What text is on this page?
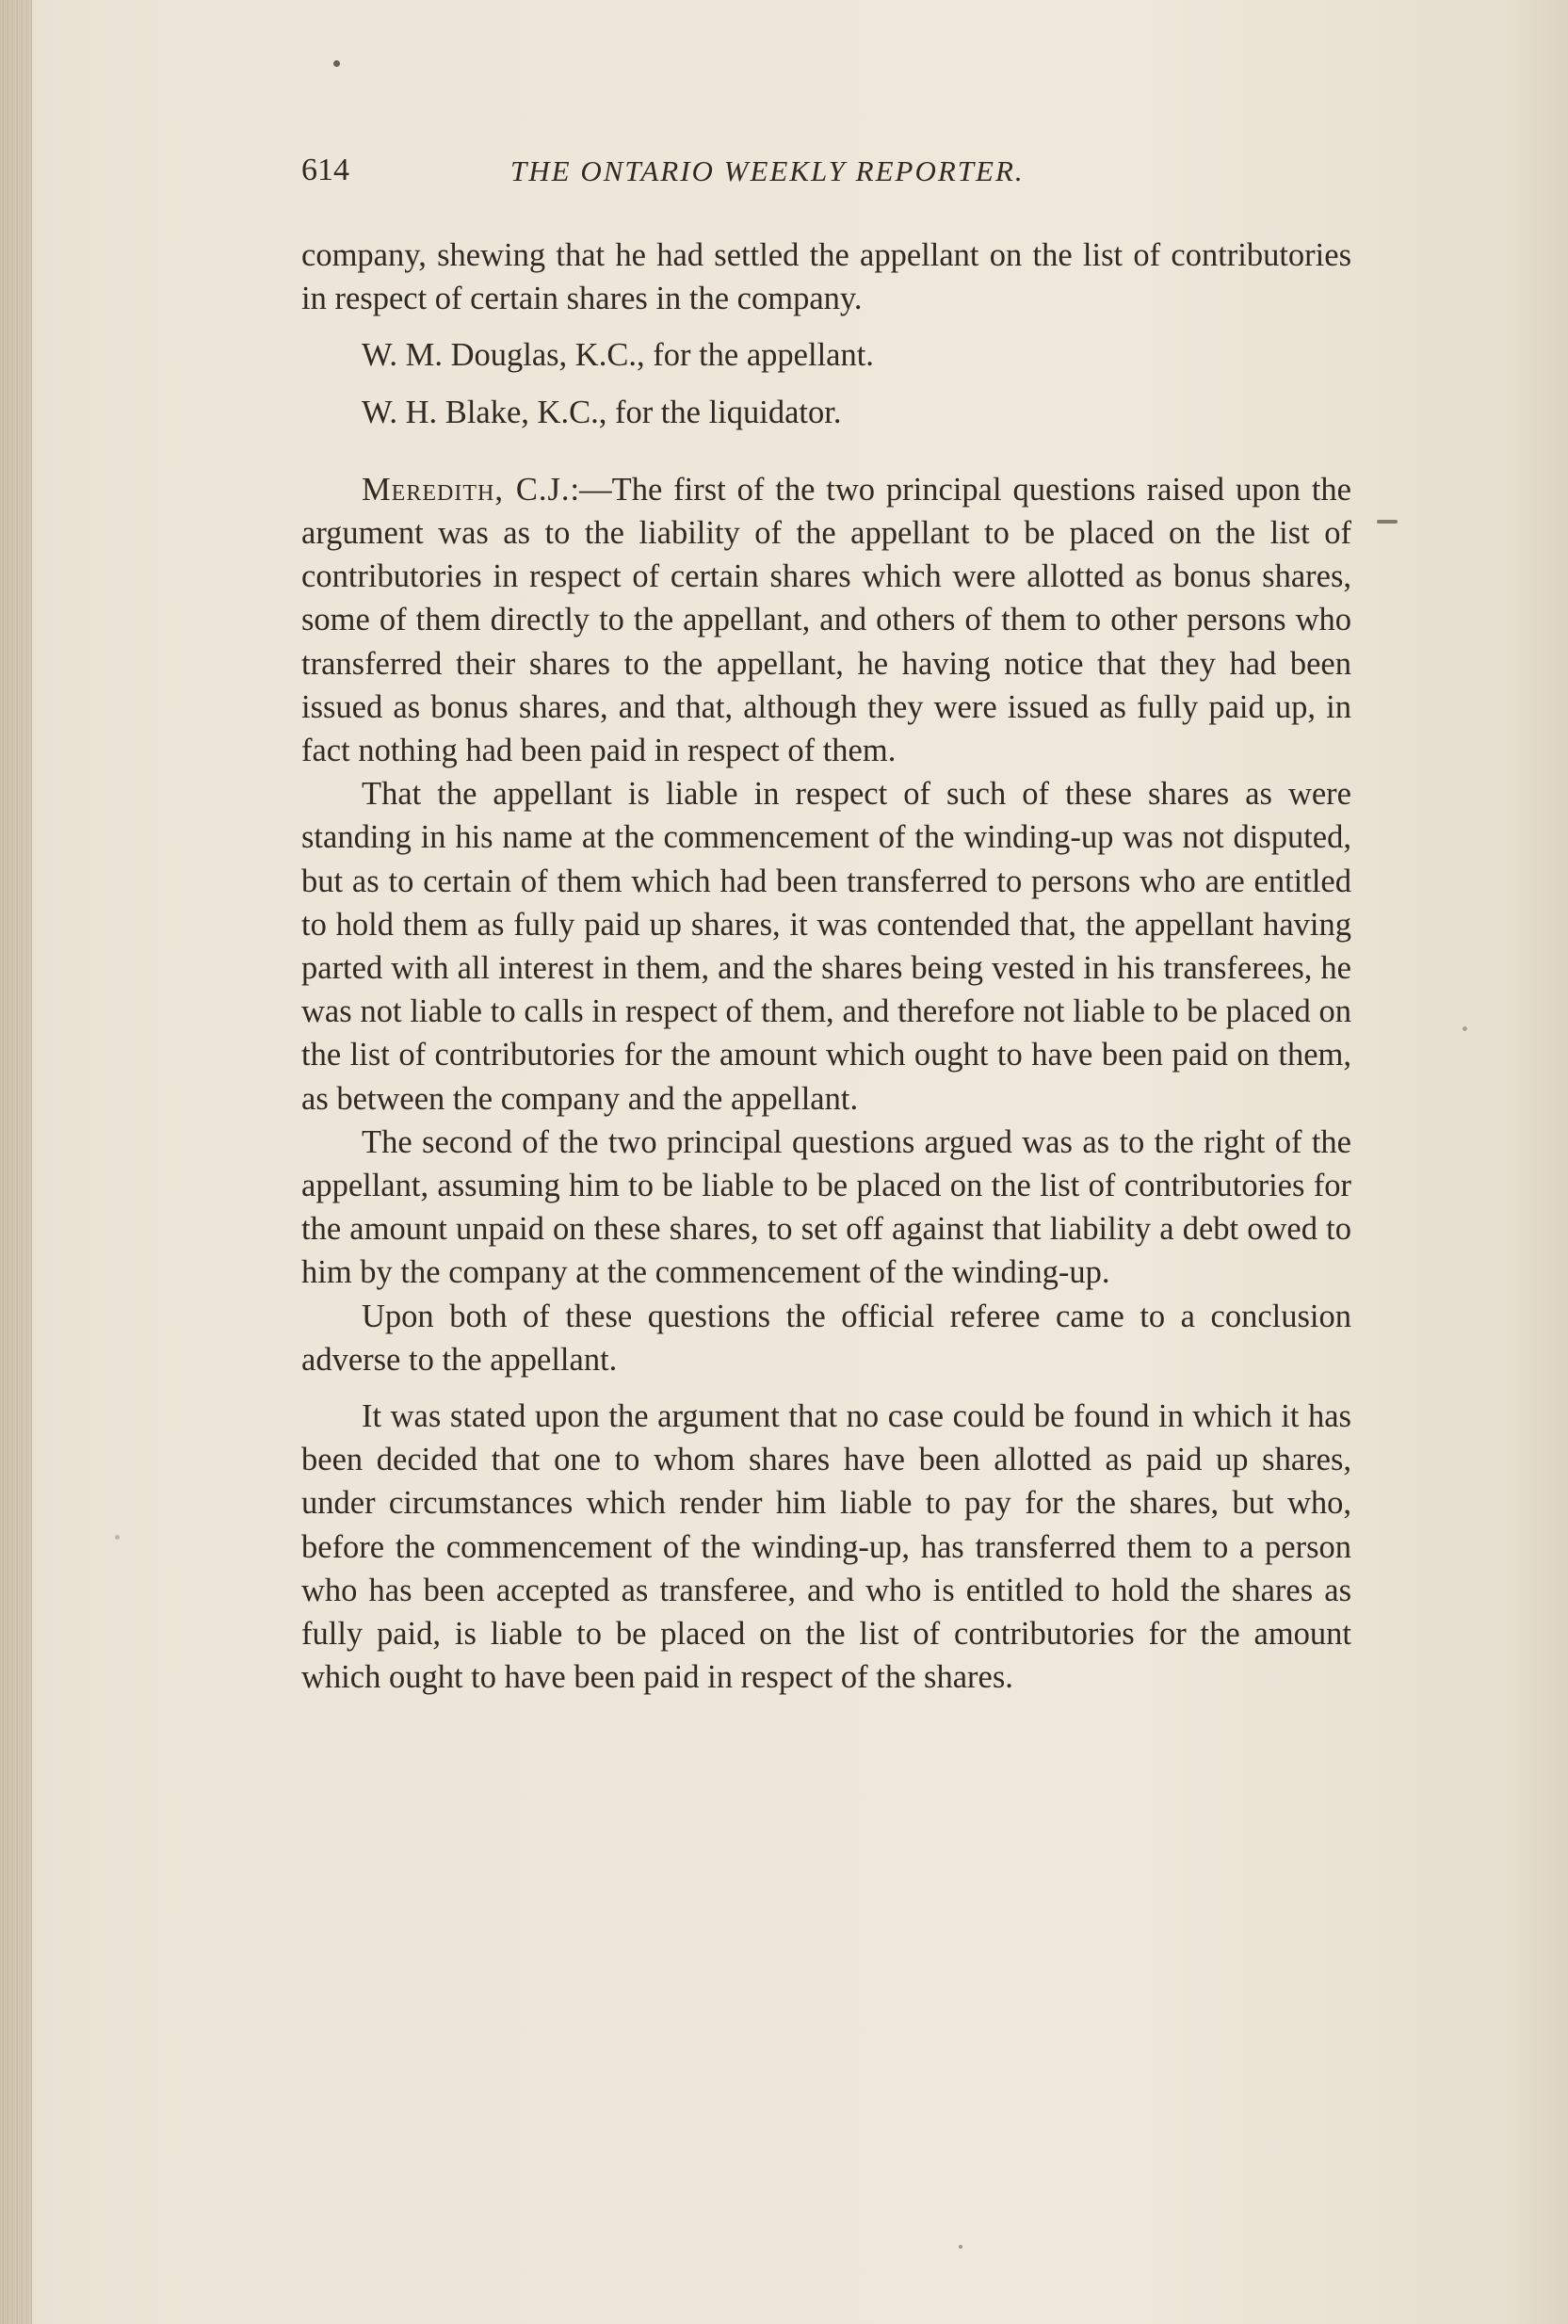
614	THE ONTARIO WEEKLY REPORTER.

company, shewing that he had settled the appellant on the list of contributories in respect of certain shares in the company.

W. M. Douglas, K.C., for the appellant.

W. H. Blake, K.C., for the liquidator.

Meredith, C.J.:—The first of the two principal questions raised upon the argument was as to the liability of the appellant to be placed on the list of contributories in respect of certain shares which were allotted as bonus shares, some of them directly to the appellant, and others of them to other persons who transferred their shares to the appellant, he having notice that they had been issued as bonus shares, and that, although they were issued as fully paid up, in fact nothing had been paid in respect of them.

That the appellant is liable in respect of such of these shares as were standing in his name at the commencement of the winding-up was not disputed, but as to certain of them which had been transferred to persons who are entitled to hold them as fully paid up shares, it was contended that, the appellant having parted with all interest in them, and the shares being vested in his transferees, he was not liable to calls in respect of them, and therefore not liable to be placed on the list of contributories for the amount which ought to have been paid on them, as between the company and the appellant.

The second of the two principal questions argued was as to the right of the appellant, assuming him to be liable to be placed on the list of contributories for the amount unpaid on these shares, to set off against that liability a debt owed to him by the company at the commencement of the winding-up.

Upon both of these questions the official referee came to a conclusion adverse to the appellant.

It was stated upon the argument that no case could be found in which it has been decided that one to whom shares have been allotted as paid up shares, under circumstances which render him liable to pay for the shares, but who, before the commencement of the winding-up, has transferred them to a person who has been accepted as transferee, and who is entitled to hold the shares as fully paid, is liable to be placed on the list of contributories for the amount which ought to have been paid in respect of the shares.
